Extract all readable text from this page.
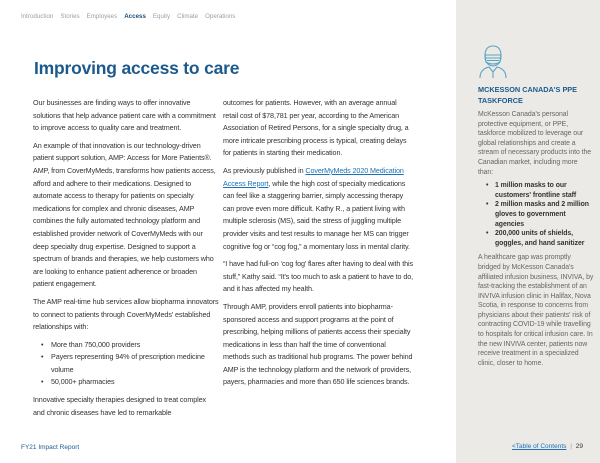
Introduction Stories Employees Access Equity Climate Operations
Improving access to care

Our businesses are finding ways to offer innovative solutions that help advance patient care with a commitment to improve access to quality care and treatment.

An example of that innovation is our technology-driven patient support solution, AMP: Access for More Patients®. AMP, from CoverMyMeds, transforms how patients access, afford and adhere to their medications. Designed to automate access to therapy for patients on specialty medications for complex and chronic diseases, AMP combines the fully automated technology platform and established provider network of CoverMyMeds with our deep specialty drug expertise. Designed to support a spectrum of brands and therapies, we help customers who are looking to enhance patient adherence or broaden patient engagement.

The AMP real-time hub services allow biopharma innovators to connect to patients through CoverMyMeds' established relationships with:

• More than 750,000 providers
• Payers representing 94% of prescription medicine volume
• 50,000+ pharmacies

Innovative specialty therapies designed to treat complex and chronic diseases have led to remarkable

outcomes for patients. However, with an average annual retail cost of $78,781 per year, according to the American Association of Retired Persons, for a single specialty drug, a more intricate prescribing process is typical, creating delays for patients in starting their medication.

As previously published in CoverMyMeds 2020 Medication Access Report, while the high cost of specialty medications can feel like a staggering barrier, simply accessing therapy can prove even more difficult. Kathy R., a patient living with multiple sclerosis (MS), said the stress of juggling multiple provider visits and test results to manage her MS can trigger cognitive fog or “cog fog,” a momentary loss in mental clarity.

“I have had full-on ‘cog fog’ flares after having to deal with this stuff,” Kathy said. “It's too much to ask a patient to have to do, and it has affected my health.

Through AMP, providers enroll patients into biopharma-sponsored access and support programs at the point of prescribing, helping millions of patients access their specialty medications in less than half the time of conventional methods such as traditional hub programs. The power behind AMP is the technology platform and the network of providers, payers, pharmacies and more than 650 life sciences brands.

MCKESSON CANADA'S PPE TASKFORCE

McKesson Canada's personal protective equipment, or PPE, taskforce mobilized to leverage our global relationships and create a stream of necessary products into the Canadian market, including more than:

• 1 million masks to our customers' frontline staff
• 2 million masks and 2 million gloves to government agencies
• 200,000 units of shields, goggles, and hand sanitizer

A healthcare gap was promptly bridged by McKesson Canada's affiliated infusion business, INVIVA, by fast-tracking the establishment of an INVIVA infusion clinic in Halifax, Nova Scotia, in response to concerns from physicians about their patients' risk of contracting COVID-19 while travelling to hospitals for critical infusion care. In the new INVIVA center, patients now receive treatment in a specialized clinic, closer to home.

FY21 Impact Report	<Table of Contents | 29
